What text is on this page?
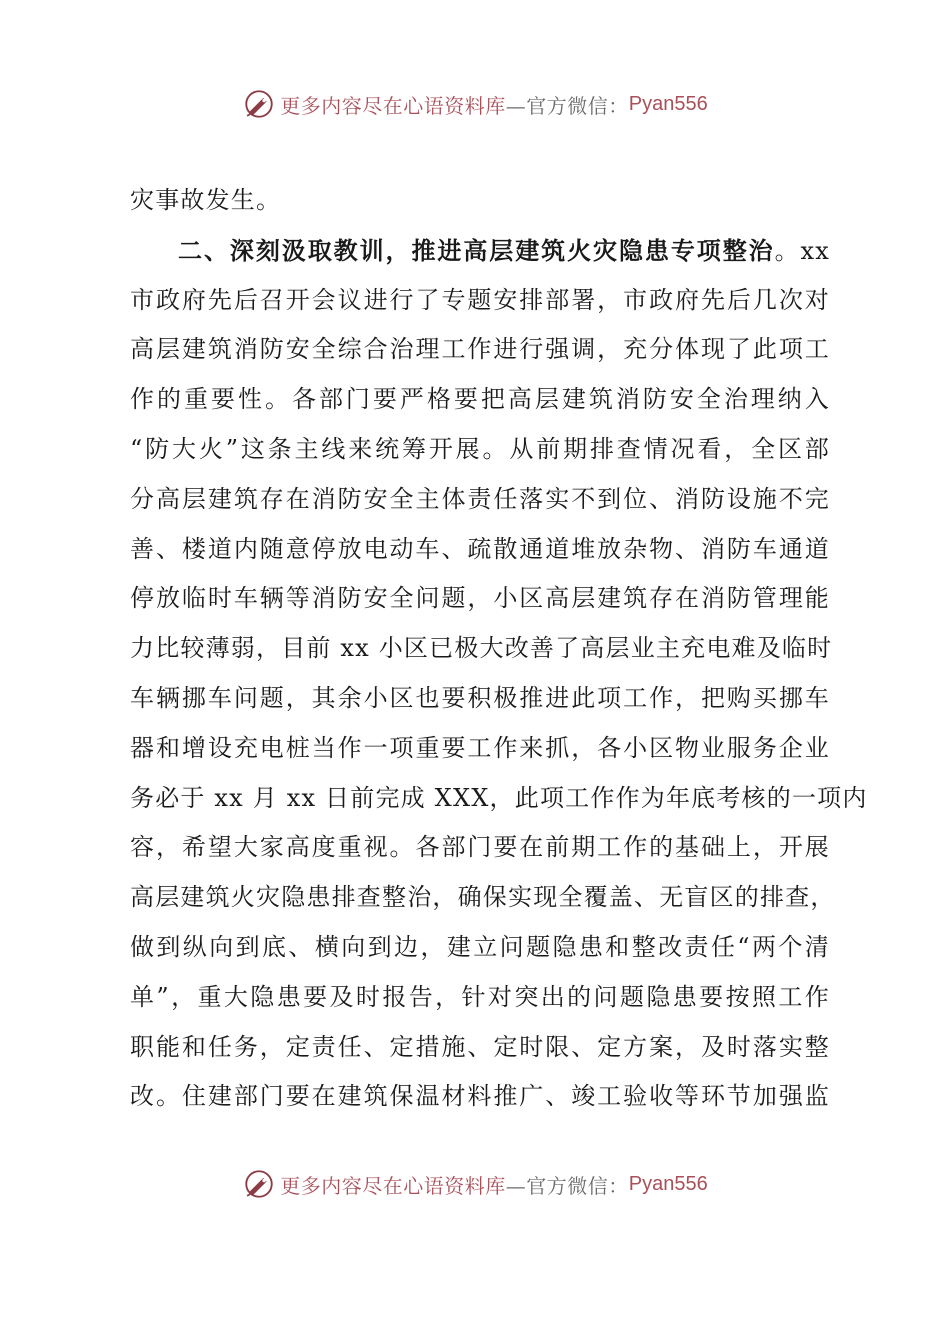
更多内容尽在心语资料库 —官方微信： Pyan556
灾事故发生。
二、深刻汲取教训，推进高层建筑火灾隐患专项整治。xx
市政府先后召开会议进行了专题安排部署，市政府先后几次对
高层建筑消防安全综合治理工作进行强调，充分体现了此项工
作的重要性。各部门要严格要把高层建筑消防安全治理纳入
“防大火”这条主线来统筹开展。从前期排查情况看，全区部
分高层建筑存在消防安全主体责任落实不到位、消防设施不完
善、楼道内随意停放电动车、疏散通道堆放杂物、消防车通道
停放临时车辆等消防安全问题，小区高层建筑存在消防管理能
力比较薄弱，目前 xx 小区已极大改善了高层业主充电难及临时
车辆挪车问题，其余小区也要积极推进此项工作，把购买挪车
器和增设充电桩当作一项重要工作来抓，各小区物业服务企业
务必于 xx 月 xx 日前完成 XXX，此项工作作为年底考核的一项内
容，希望大家高度重视。各部门要在前期工作的基础上，开展
高层建筑火灾隐患排查整治，确保实现全覆盖、无盲区的排查，
做到纵向到底、横向到边，建立问题隐患和整改责任“两个清
单”，重大隐患要及时报告，针对突出的问题隐患要按照工作
职能和任务，定责任、定措施、定时限、定方案，及时落实整
改。住建部门要在建筑保温材料推广、竣工验收等环节加强监
更多内容尽在心语资料库 —官方微信： Pyan556
